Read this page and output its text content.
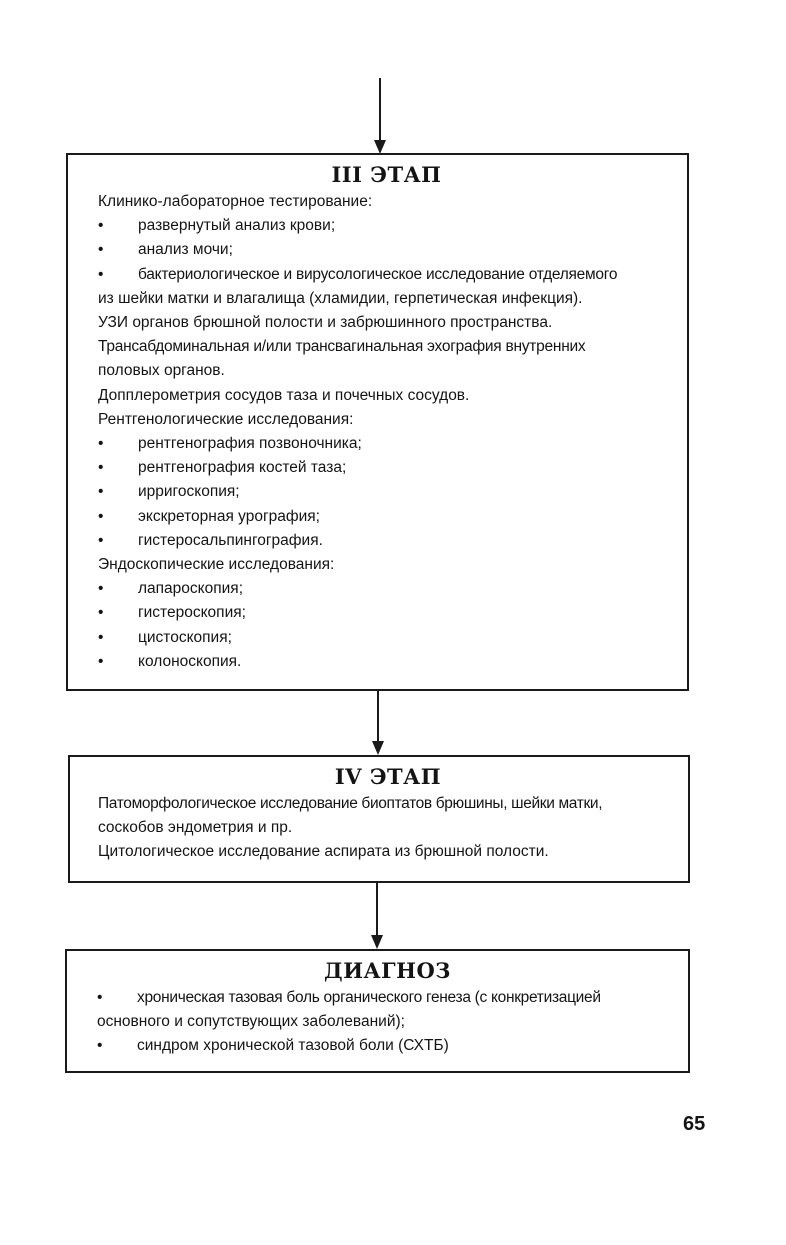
III ЭТАП
Клинико-лабораторное тестирование:
• развернутый анализ крови;
• анализ мочи;
• бактериологическое и вирусологическое исследование отделяемого
из шейки матки и влагалища (хламидии, герпетическая инфекция).
УЗИ органов брюшной полости и забрюшинного пространства.
Трансабдоминальная и/или трансвагинальная эхография внутренних
половых органов.
Допплерометрия сосудов таза и почечных сосудов.
Рентгенологические исследования:
• рентгенография позвоночника;
• рентгенография костей таза;
• ирригоскопия;
• экскреторная урография;
• гистеросальпингография.
Эндоскопические исследования:
• лапароскопия;
• гистероскопия;
• цистоскопия;
• колоноскопия.
IV ЭТАП
Патоморфологическое исследование биоптатов брюшины, шейки матки,
соскобов эндометрия и пр.
Цитологическое исследование аспирата из брюшной полости.
ДИАГНОЗ
• хроническая тазовая боль органического генеза (с конкретизацией
основного и сопутствующих заболеваний);
• синдром хронической тазовой боли (СХТБ)
65
